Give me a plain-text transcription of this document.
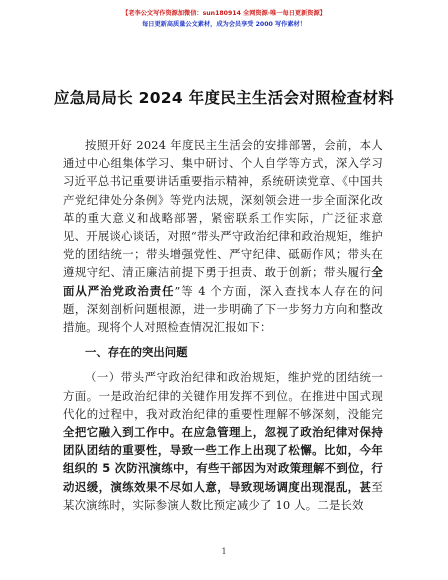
【老李公文写作资源加微信：sun180914 全网资源·唯一每日更新资源】
每日更新高质量公文素材，成为会员享受 2000 写作素材！
应急局局长 2024 年度民主生活会对照检查材料

按照开好 2024 年度民主生活会的安排部署，会前，本人通过中心组集体学习、集中研讨、个人自学等方式，深入学习习近平总书记重要讲话重要指示精神，系统研读党章、《中国共产党纪律处分条例》等党内法规，深刻领会进一步全面深化改革的重大意义和战略部署，紧密联系工作实际，广泛征求意见、开展谈心谈话，对照“带头严守政治纪律和政治规矩，维护党的团结统一；带头增强党性、严守纪律、砥砺作风；带头在遵规守纪、清正廉洁前提下勇于担责、敢于创新；带头履行全面从严治党政治责任”等 4 个方面，深入查找本人存在的问题，深刻剖析问题根源，进一步明确了下一步努力方向和整改措施。现将个人对照检查情况汇报如下：

一、存在的突出问题

（一）带头严守政治纪律和政治规矩，维护党的团结统一方面。一是政治纪律的关键作用发挥不到位。在推进中国式现代化的过程中，我对政治纪律的重要性理解不够深刻，没能完全把它融入到工作中。在应急管理上，忽视了政治纪律对保持团队团结的重要性，导致一些工作上出现了松懈。比如，今年组织的 5 次防汛演练中，有些干部因为对政策理解不到位，行动迟缓，演练效果不尽如人意，导致现场调度出现混乱，甚至某次演练时，实际参演人数比预定减少了 10 人。二是长效

1
